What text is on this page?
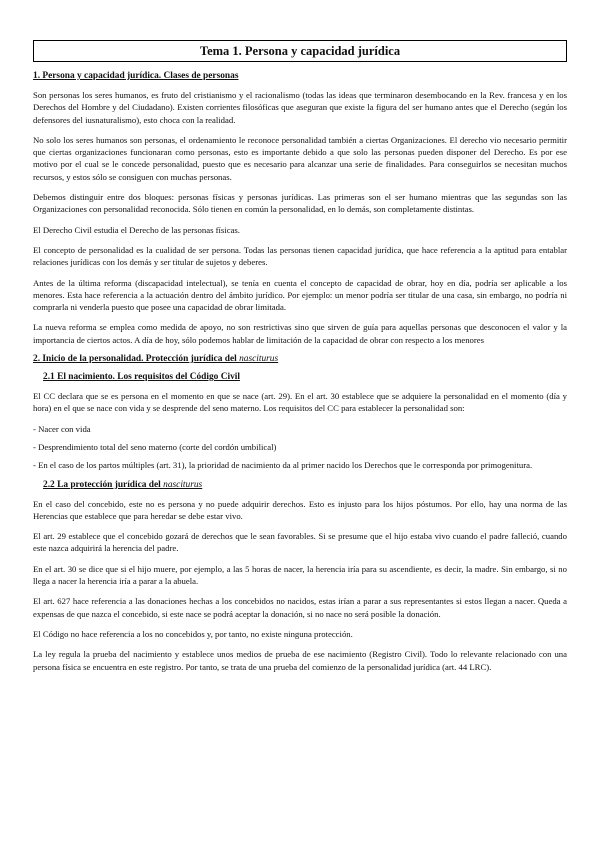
Tema 1. Persona y capacidad jurídica
1. Persona y capacidad jurídica. Clases de personas

Son personas los seres humanos, es fruto del cristianismo y el racionalismo (todas las ideas que terminaron desembocando en la Rev. francesa y en los Derechos del Hombre y del Ciudadano). Existen corrientes filosóficas que aseguran que existe la figura del ser humano antes que el Derecho (según los defensores del iusnaturalismo), esto choca con la realidad.

No solo los seres humanos son personas, el ordenamiento le reconoce personalidad también a ciertas Organizaciones. El derecho vio necesario permitir que ciertas organizaciones funcionaran como personas, esto es importante debido a que solo las personas pueden disponer del Derecho. Es por ese motivo por el cual se le concede personalidad, puesto que es necesario para alcanzar una serie de finalidades. Para conseguirlos se necesitan muchos recursos, y estos sólo se consiguen con muchas personas.

Debemos distinguir entre dos bloques: personas físicas y personas jurídicas. Las primeras son el ser humano mientras que las segundas son las Organizaciones con personalidad reconocida. Sólo tienen en común la personalidad, en lo demás, son completamente distintas.

El Derecho Civil estudia el Derecho de las personas físicas.

El concepto de personalidad es la cualidad de ser persona. Todas las personas tienen capacidad jurídica, que hace referencia a la aptitud para entablar relaciones jurídicas con los demás y ser titular de sujetos y deberes.

Antes de la última reforma (discapacidad intelectual), se tenía en cuenta el concepto de capacidad de obrar, hoy en día, podría ser aplicable a los menores. Esta hace referencia a la actuación dentro del ámbito jurídico. Por ejemplo: un menor podría ser titular de una casa, sin embargo, no podría ni comprarla ni venderla puesto que posee una capacidad de obrar limitada.

La nueva reforma se emplea como medida de apoyo, no son restrictivas sino que sirven de guía para aquellas personas que desconocen el valor y la importancia de ciertos actos. A día de hoy, sólo podemos hablar de limitación de la capacidad de obrar con respecto a los menores

2. Inicio de la personalidad. Protección jurídica del nasciturus
2.1 El nacimiento. Los requisitos del Código Civil

El CC declara que se es persona en el momento en que se nace (art. 29). En el art. 30 establece que se adquiere la personalidad en el momento (día y hora) en el que se nace con vida y se desprende del seno materno. Los requisitos del CC para establecer la personalidad son:

- Nacer con vida

- Desprendimiento total del seno materno (corte del cordón umbilical)

- En el caso de los partos múltiples (art. 31), la prioridad de nacimiento da al primer nacido los Derechos que le corresponda por primogenitura.

2.2 La protección jurídica del nasciturus

En el caso del concebido, este no es persona y no puede adquirir derechos. Esto es injusto para los hijos póstumos. Por ello, hay una norma de las Herencias que establece que para heredar se debe estar vivo.

El art. 29 establece que el concebido gozará de derechos que le sean favorables. Si se presume que el hijo estaba vivo cuando el padre falleció, cuando este nazca adquirirá la herencia del padre.

En el art. 30 se dice que si el hijo muere, por ejemplo, a las 5 horas de nacer, la herencia iría para su ascendiente, es decir, la madre. Sin embargo, si no llega a nacer la herencia iría a parar a la abuela.

El art. 627 hace referencia a las donaciones hechas a los concebidos no nacidos, estas irían a parar a sus representantes si estos llegan a nacer. Queda a expensas de que nazca el concebido, si este nace se podrá aceptar la donación, si no nace no será posible la donación.

El Código no hace referencia a los no concebidos y, por tanto, no existe ninguna protección.

La ley regula la prueba del nacimiento y establece unos medios de prueba de ese nacimiento (Registro Civil). Todo lo relevante relacionado con una persona física se encuentra en este registro. Por tanto, se trata de una prueba del comienzo de la personalidad jurídica (art. 44 LRC).
